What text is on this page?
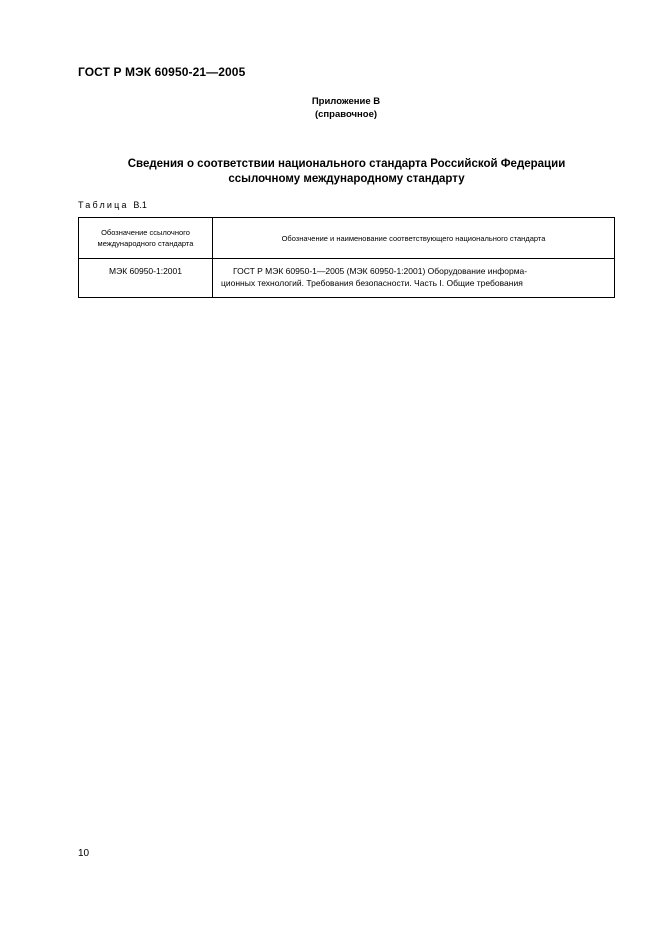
ГОСТ Р МЭК 60950-21—2005
Приложение В
(справочное)
Сведения о соответствии национального стандарта Российской Федерации
ссылочному международному стандарту
Таблица В.1
Обозначение ссылочного
международного стандарта	Обозначение и наименование соответствующего национального стандарта
МЭК 60950-1:2001	ГОСТ Р МЭК 60950-1—2005 (МЭК 60950-1:2001) Оборудование информа-
ционных технологий. Требования безопасности. Часть I. Общие требования
10
